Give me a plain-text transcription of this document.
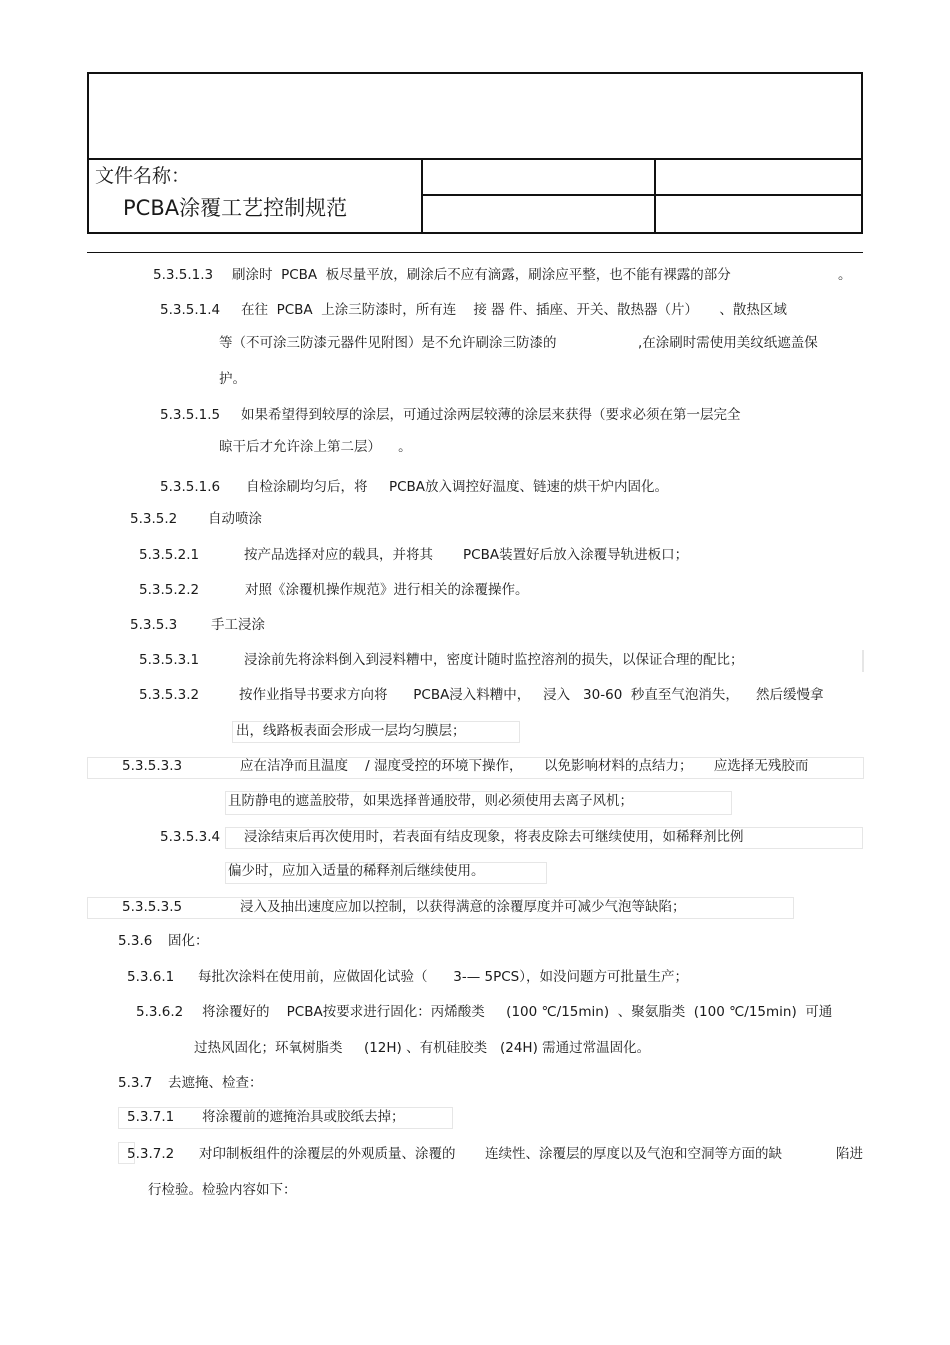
文件名称：
PCBA涂覆工艺控制规范
5.3.5.1.3 刷涂时  PCBA  板尽量平放，刷涂后不应有滴露，刷涂应平整，也不能有裸露的部分	。
5.3.5.1.4 在往  PCBA  上涂三防漆时，所有连    接 器 件、插座、开关、散热器（片）     、散热区域
等（不可涂三防漆元器件见附图）是不允许刷涂三防漆的	,在涂刷时需使用美纹纸遮盖保
护。
5.3.5.1.5 如果希望得到较厚的涂层，可通过涂两层较薄的涂层来获得（要求必须在第一层完全
晾干后才允许涂上第二层）    。
5.3.5.1.6 自检涂刷均匀后，将     PCBA放入调控好温度、链速的烘干炉内固化。
5.3.5.2 自动喷涂
5.3.5.2.1	按产品选择对应的载具，并将其       PCBA装置好后放入涂覆导轨进板口；
5.3.5.2.2	对照《涂覆机操作规范》进行相关的涂覆操作。
5.3.5.3	手工浸涂
5.3.5.3.1	浸涂前先将涂料倒入到浸料糟中，密度计随时监控溶剂的损失，以保证合理的配比；
5.3.5.3.2	按作业指导书要求方向将      PCBA浸入料糟中，   浸入   30-60  秒直至气泡消失，    然后缓慢拿
出，线路板表面会形成一层均匀膜层；
5.3.5.3.3	应在洁净而且温度    / 湿度受控的环境下操作，     以免影响材料的点结力；     应选择无残胶而
且防静电的遮盖胶带，如果选择普通胶带，则必须使用去离子风机；
5.3.5.3.4 浸涂结束后再次使用时，若表面有结皮现象，将表皮除去可继续使用，如稀释剂比例
偏少时，应加入适量的稀释剂后继续使用。
5.3.5.3.5	浸入及抽出速度应加以控制，以获得满意的涂覆厚度并可减少气泡等缺陷；
5.3.6 固化：
5.3.6.1 每批次涂料在使用前，应做固化试验（      3-— 5PCS），如没问题方可批量生产；
5.3.6.2 将涂覆好的    PCBA按要求进行固化：丙烯酸类     (100 ℃/15min)  、聚氨脂类  (100 ℃/15min)  可通
过热风固化；环氧树脂类     (12H) 、有机硅胶类   (24H) 需通过常温固化。
5.3.7 去遮掩、检查：
5.3.7.1 将涂覆前的遮掩治具或胶纸去掉；
5.3.7.2 对印制板组件的涂覆层的外观质量、涂覆的 连续性、涂覆层的厚度以及气泡和空洞等方面的缺	陷进
行检验。检验内容如下：
